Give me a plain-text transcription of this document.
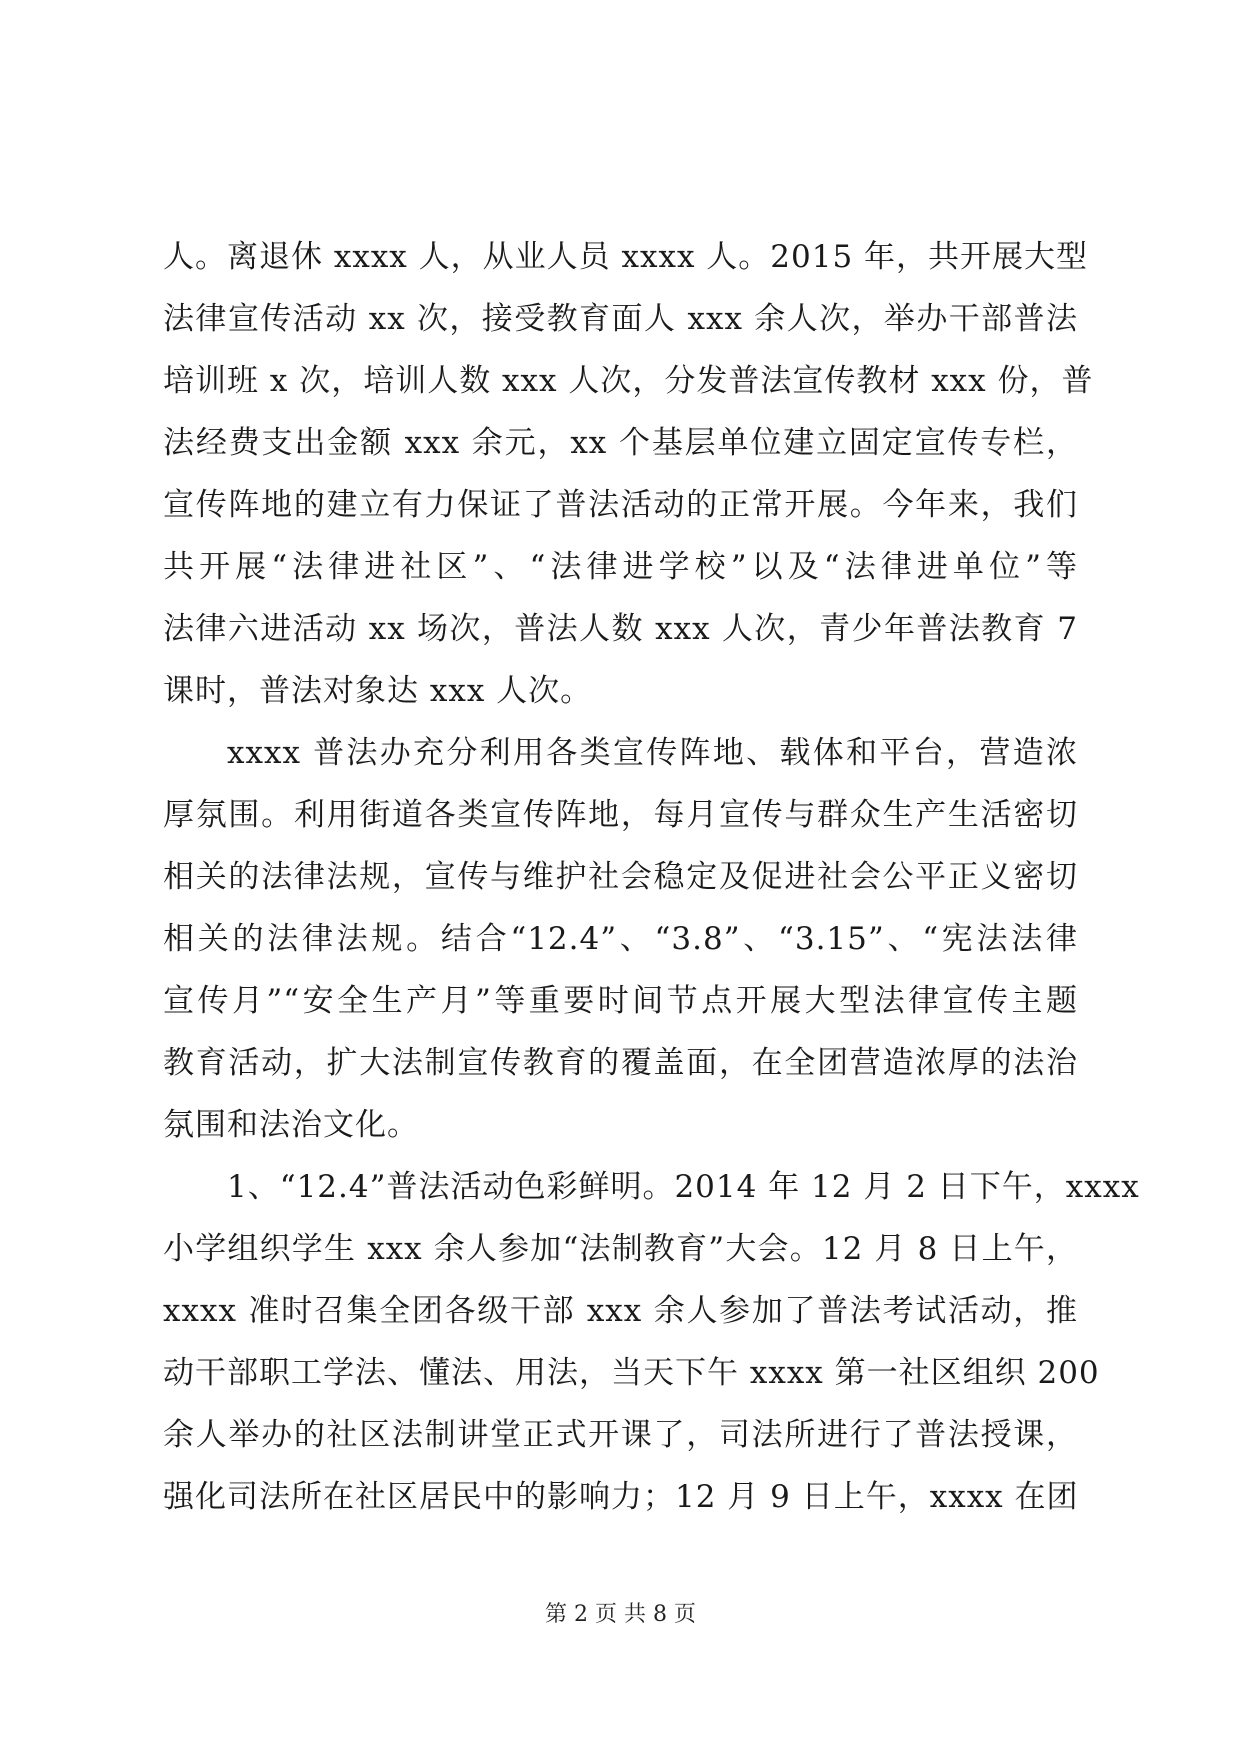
人。离退休 xxxx 人，从业人员 xxxx 人。2015 年，共开展大型
法律宣传活动 xx 次，接受教育面人 xxx 余人次，举办干部普法
培训班 x 次，培训人数 xxx 人次，分发普法宣传教材 xxx 份，普
法经费支出金额 xxx 余元，xx 个基层单位建立固定宣传专栏，
宣传阵地的建立有力保证了普法活动的正常开展。今年来，我们
共开展“法律进社区”、“法律进学校”以及“法律进单位”等
法律六进活动 xx 场次，普法人数 xxx 人次，青少年普法教育 7
课时，普法对象达 xxx 人次。
xxxx 普法办充分利用各类宣传阵地、载体和平台，营造浓
厚氛围。利用街道各类宣传阵地，每月宣传与群众生产生活密切
相关的法律法规，宣传与维护社会稳定及促进社会公平正义密切
相关的法律法规。结合“12.4”、“3.8”、“3.15”、“宪法法律
宣传月”“安全生产月”等重要时间节点开展大型法律宣传主题
教育活动，扩大法制宣传教育的覆盖面，在全团营造浓厚的法治
氛围和法治文化。
1、“12.4”普法活动色彩鲜明。2014 年 12 月 2 日下午，xxxx
小学组织学生 xxx 余人参加“法制教育”大会。12 月 8 日上午，
xxxx 准时召集全团各级干部 xxx 余人参加了普法考试活动，推
动干部职工学法、懂法、用法，当天下午 xxxx 第一社区组织 200
余人举办的社区法制讲堂正式开课了，司法所进行了普法授课，
强化司法所在社区居民中的影响力；12 月 9 日上午，xxxx 在团
第 2 页 共 8 页
